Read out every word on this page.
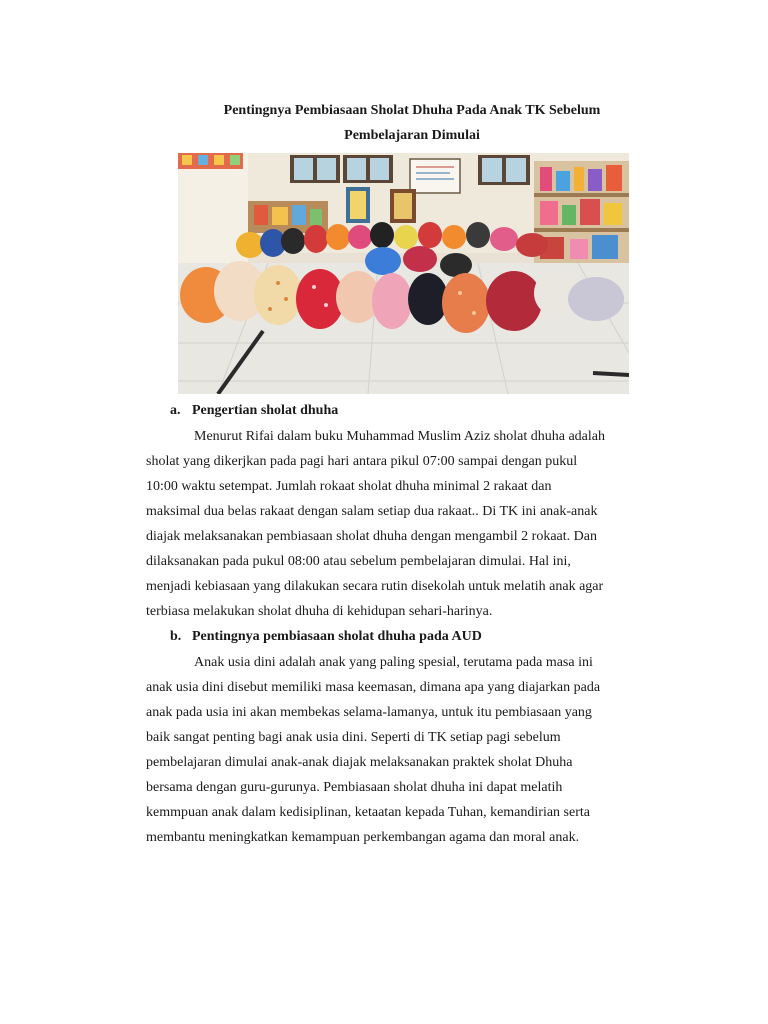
Pentingnya Pembiasaan Sholat Dhuha Pada Anak TK Sebelum
Pembelajaran Dimulai
a. Pengertian sholat dhuha
Menurut Rifai dalam buku Muhammad Muslim Aziz sholat dhuha adalah
sholat yang dikerjkan pada pagi hari antara pikul 07:00 sampai dengan pukul
10:00 waktu setempat. Jumlah rokaat sholat dhuha minimal 2 rakaat dan
maksimal dua belas rakaat dengan salam setiap dua rakaat.. Di TK ini anak-anak
diajak melaksanakan pembiasaan sholat dhuha dengan mengambil 2 rokaat. Dan
dilaksanakan pada pukul 08:00 atau sebelum pembelajaran dimulai. Hal ini,
menjadi kebiasaan yang dilakukan secara rutin disekolah untuk melatih anak agar
terbiasa melakukan sholat dhuha di kehidupan sehari-harinya.
b. Pentingnya pembiasaan sholat dhuha pada AUD
Anak usia dini adalah anak yang paling spesial, terutama pada masa ini
anak usia dini disebut memiliki masa keemasan, dimana apa yang diajarkan pada
anak pada usia ini akan membekas selama-lamanya, untuk itu pembiasaan yang
baik sangat penting bagi anak usia dini. Seperti di TK setiap pagi sebelum
pembelajaran dimulai anak-anak diajak melaksanakan praktek sholat Dhuha
bersama dengan guru-gurunya. Pembiasaan sholat dhuha ini dapat melatih
kemmpuan anak dalam kedisiplinan, ketaatan kepada Tuhan, kemandirian serta
membantu meningkatkan kemampuan perkembangan agama dan moral anak.
